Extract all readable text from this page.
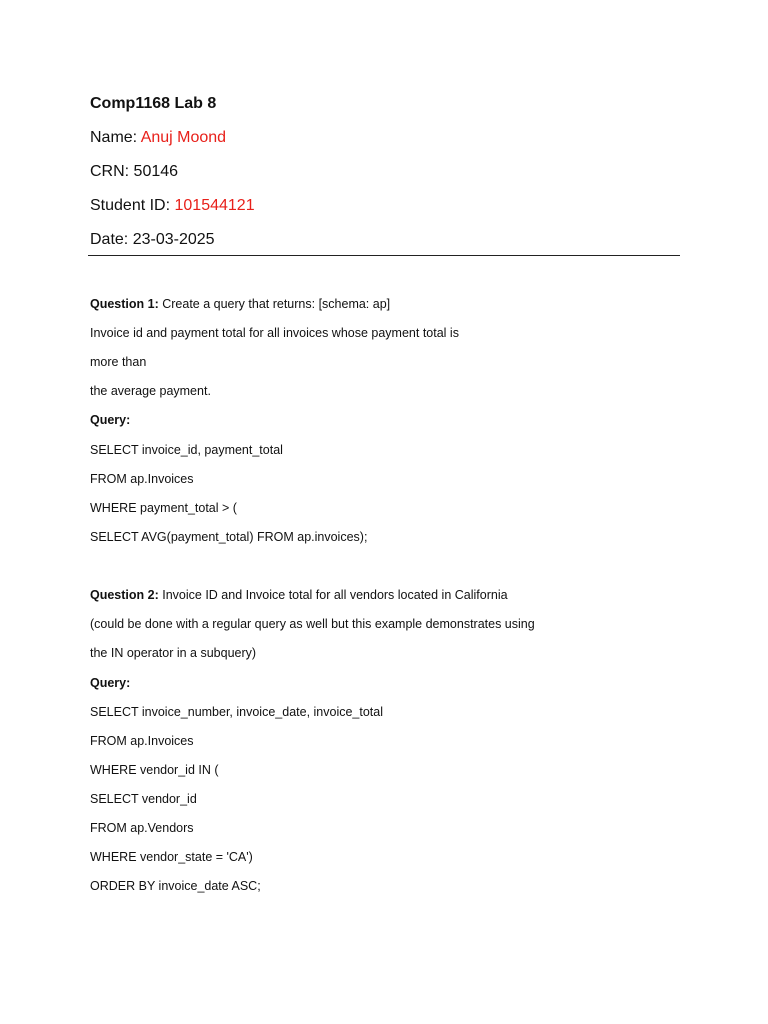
Comp1168 Lab 8
Name: Anuj Moond
CRN: 50146
Student ID: 101544121
Date: 23-03-2025
Question 1: Create a query that returns: [schema: ap]
Invoice id and payment total for all invoices whose payment total is
more than
the average payment.
Query:
SELECT invoice_id, payment_total
FROM ap.Invoices
WHERE payment_total > (
SELECT AVG(payment_total) FROM ap.invoices);
Question 2: Invoice ID and Invoice total for all vendors located in California
(could be done with a regular query as well but this example demonstrates using
the IN operator in a subquery)
Query:
SELECT invoice_number, invoice_date, invoice_total
FROM ap.Invoices
WHERE vendor_id IN (
SELECT vendor_id
FROM ap.Vendors
WHERE vendor_state = 'CA')
ORDER BY invoice_date ASC;
